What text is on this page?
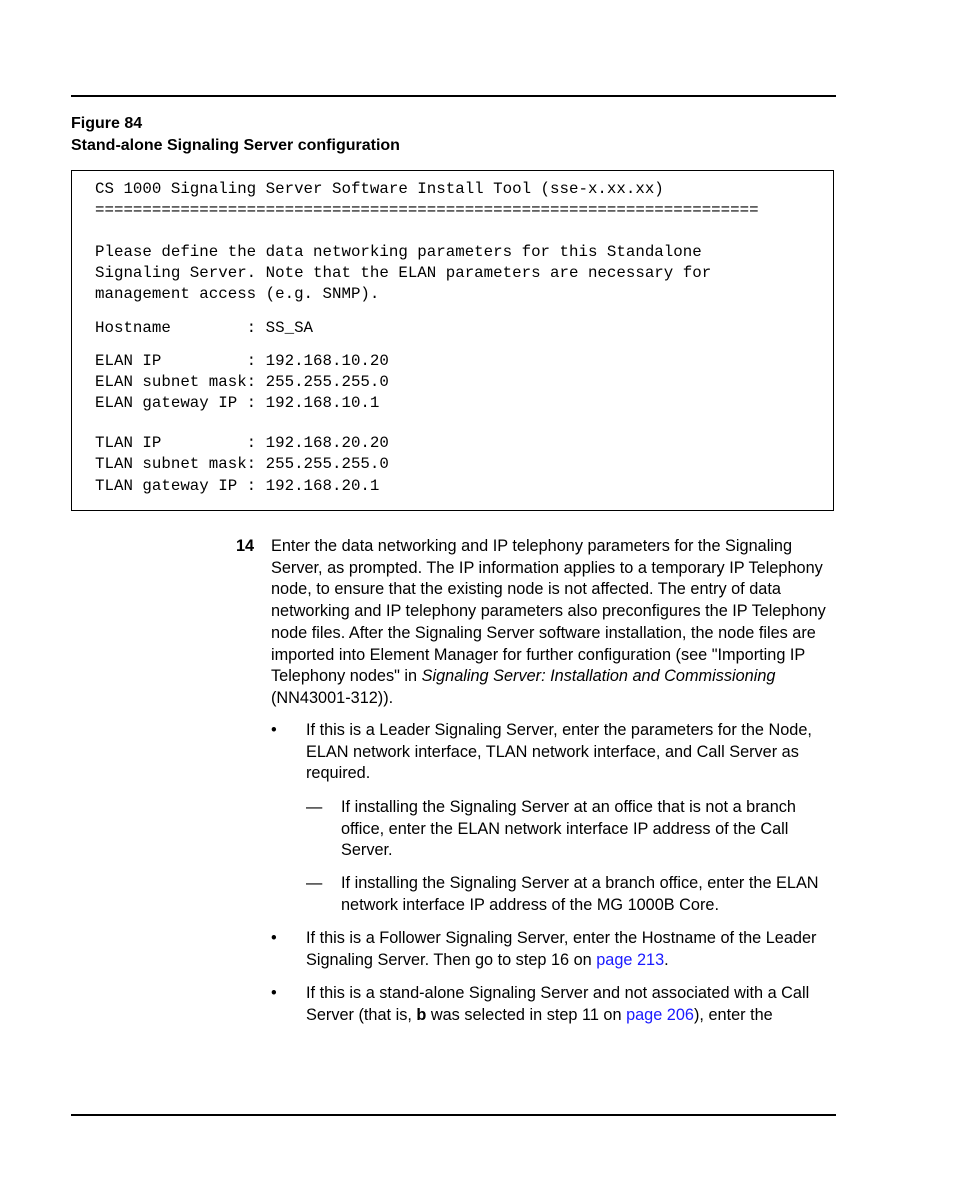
Figure 84
Stand-alone Signaling Server configuration
CS 1000 Signaling Server Software Install Tool (sse-x.xx.xx)
======================================================================
Please define the data networking parameters for this Standalone
Signaling Server. Note that the ELAN parameters are necessary for
management access (e.g. SNMP).
Hostname        : SS_SA
ELAN IP         : 192.168.10.20
ELAN subnet mask: 255.255.255.0
ELAN gateway IP : 192.168.10.1
TLAN IP         : 192.168.20.20
TLAN subnet mask: 255.255.255.0
TLAN gateway IP : 192.168.20.1
14 Enter the data networking and IP telephony parameters for the Signaling Server, as prompted. The IP information applies to a temporary IP Telephony node, to ensure that the existing node is not affected. The entry of data networking and IP telephony parameters also preconfigures the IP Telephony node files. After the Signaling Server software installation, the node files are imported into Element Manager for further configuration (see "Importing IP Telephony nodes" in Signaling Server: Installation and Commissioning (NN43001-312)).
• If this is a Leader Signaling Server, enter the parameters for the Node, ELAN network interface, TLAN network interface, and Call Server as required.
— If installing the Signaling Server at an office that is not a branch office, enter the ELAN network interface IP address of the Call Server.
— If installing the Signaling Server at a branch office, enter the ELAN network interface IP address of the MG 1000B Core.
• If this is a Follower Signaling Server, enter the Hostname of the Leader Signaling Server. Then go to step 16 on page 213.
• If this is a stand-alone Signaling Server and not associated with a Call Server (that is, b was selected in step 11 on page 206), enter the
